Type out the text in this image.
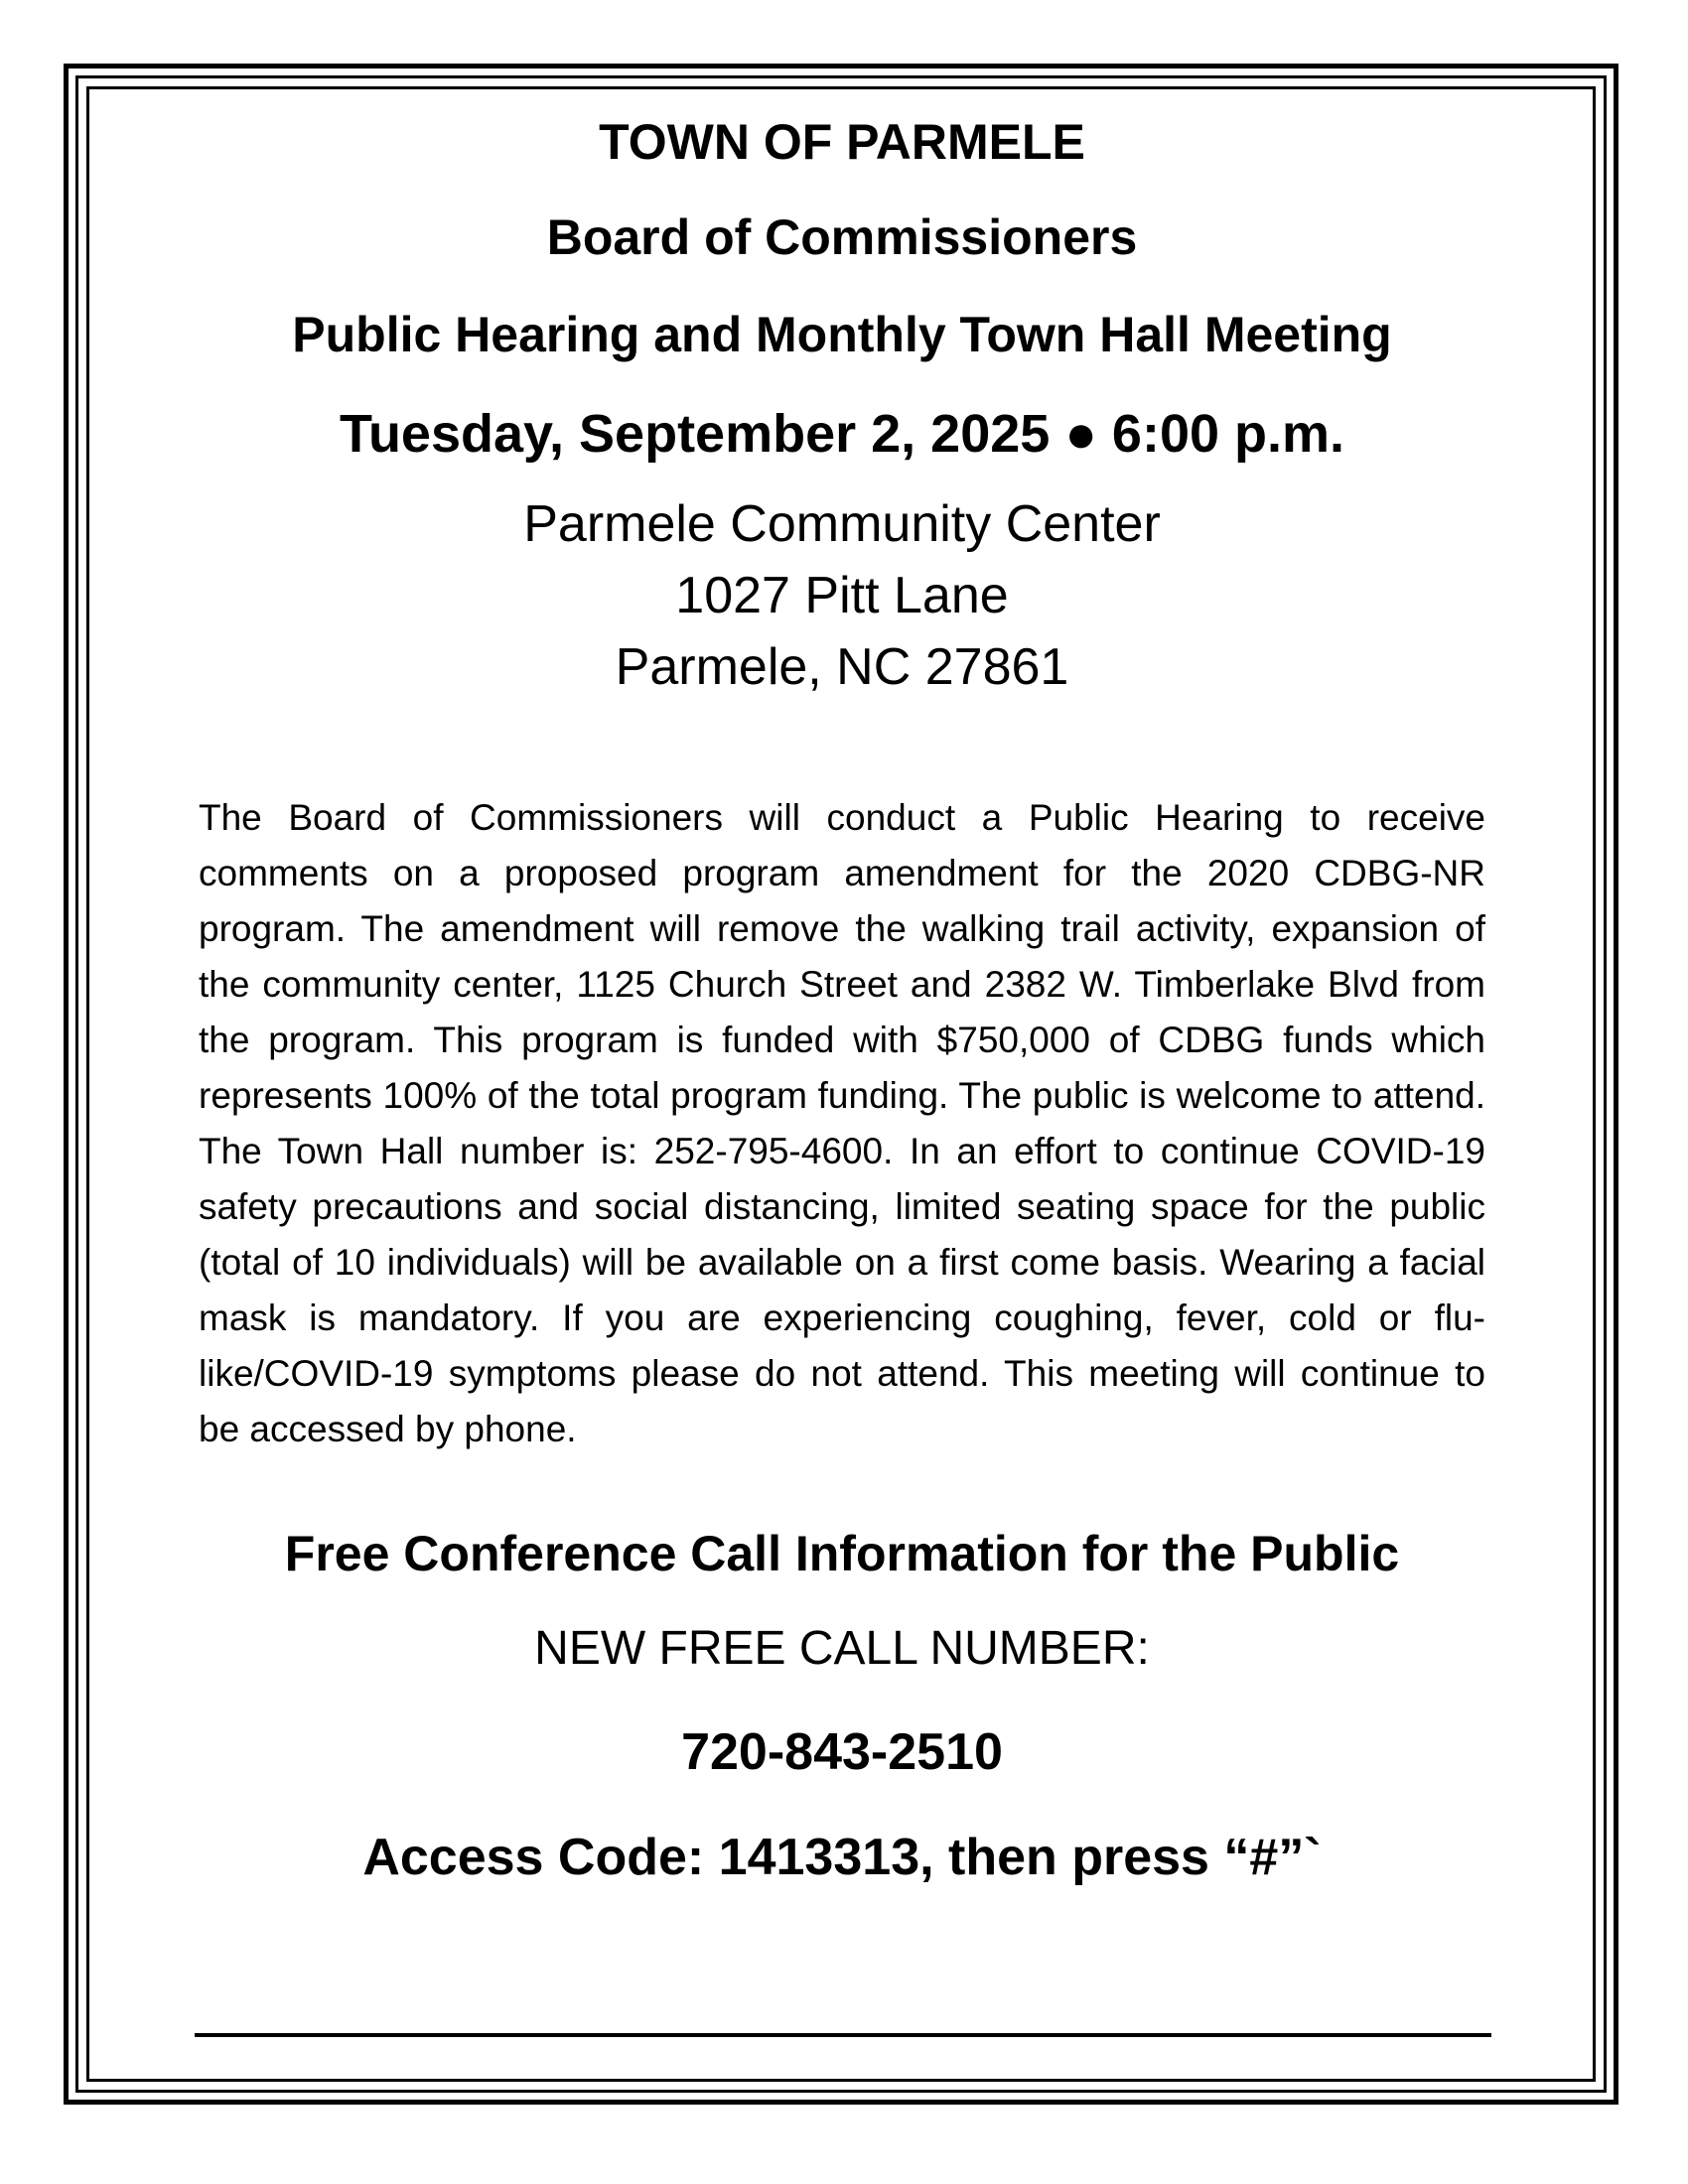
TOWN OF PARMELE
Board of Commissioners
Public Hearing and Monthly Town Hall Meeting
Tuesday, September 2, 2025 ● 6:00 p.m.
Parmele Community Center
1027 Pitt Lane
Parmele, NC 27861
The Board of Commissioners will conduct a Public Hearing to receive comments on a proposed program amendment for the 2020 CDBG-NR program. The amendment will remove the walking trail activity, expansion of the community center, 1125 Church Street and 2382 W. Timberlake Blvd from the program. This program is funded with $750,000 of CDBG funds which represents 100% of the total program funding. The public is welcome to attend. The Town Hall number is: 252-795-4600. In an effort to continue COVID-19 safety precautions and social distancing, limited seating space for the public (total of 10 individuals) will be available on a first come basis. Wearing a facial mask is mandatory. If you are experiencing coughing, fever, cold or flu-like/COVID-19 symptoms please do not attend. This meeting will continue to be accessed by phone.
Free Conference Call Information for the Public
NEW FREE CALL NUMBER:
720-843-2510
Access Code: 1413313, then press “#”`
